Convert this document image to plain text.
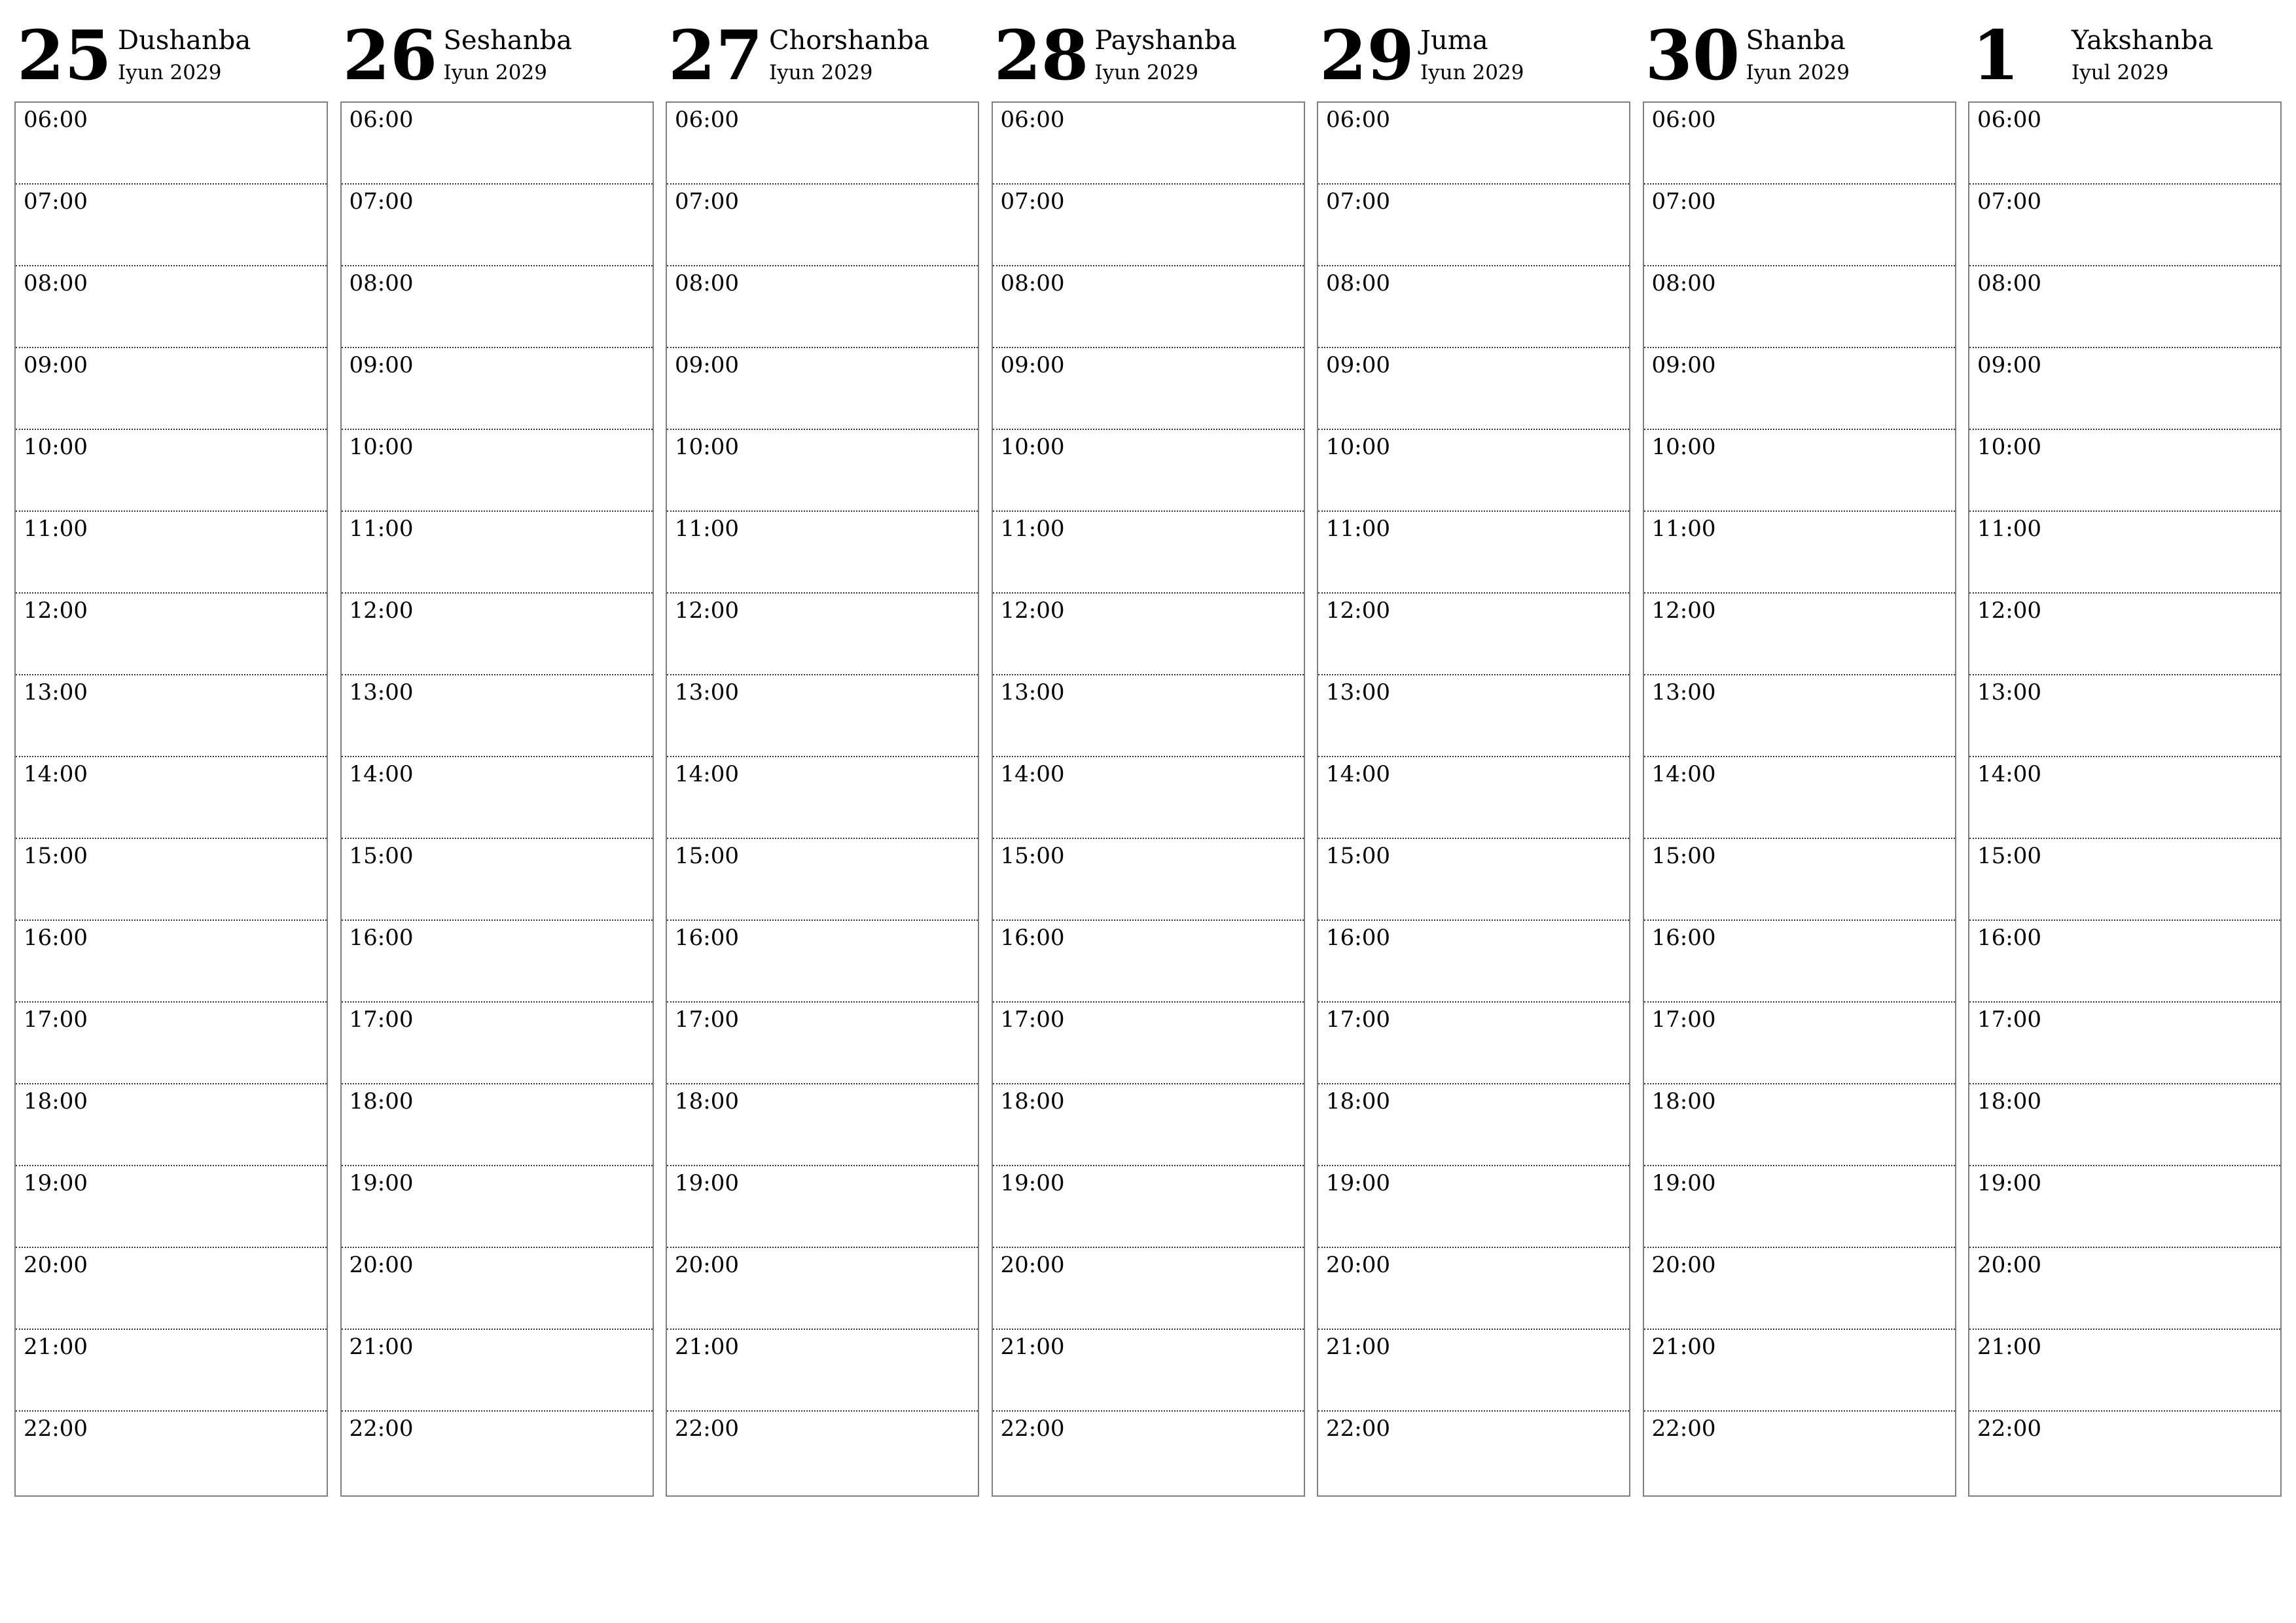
25 Dushanba
Iyun 2029
06:00
07:00
08:00
09:00
10:00
11:00
12:00
13:00
14:00
15:00
16:00
17:00
18:00
19:00
20:00
21:00
22:00
26 Seshanba
Iyun 2029
06:00
07:00
08:00
09:00
10:00
11:00
12:00
13:00
14:00
15:00
16:00
17:00
18:00
19:00
20:00
21:00
22:00
27 Chorshanba
Iyun 2029
06:00
07:00
08:00
09:00
10:00
11:00
12:00
13:00
14:00
15:00
16:00
17:00
18:00
19:00
20:00
21:00
22:00
28 Payshanba
Iyun 2029
06:00
07:00
08:00
09:00
10:00
11:00
12:00
13:00
14:00
15:00
16:00
17:00
18:00
19:00
20:00
21:00
22:00
29 Juma
Iyun 2029
06:00
07:00
08:00
09:00
10:00
11:00
12:00
13:00
14:00
15:00
16:00
17:00
18:00
19:00
20:00
21:00
22:00
30 Shanba
Iyun 2029
06:00
07:00
08:00
09:00
10:00
11:00
12:00
13:00
14:00
15:00
16:00
17:00
18:00
19:00
20:00
21:00
22:00
1 Yakshanba
Iyul 2029
06:00
07:00
08:00
09:00
10:00
11:00
12:00
13:00
14:00
15:00
16:00
17:00
18:00
19:00
20:00
21:00
22:00
